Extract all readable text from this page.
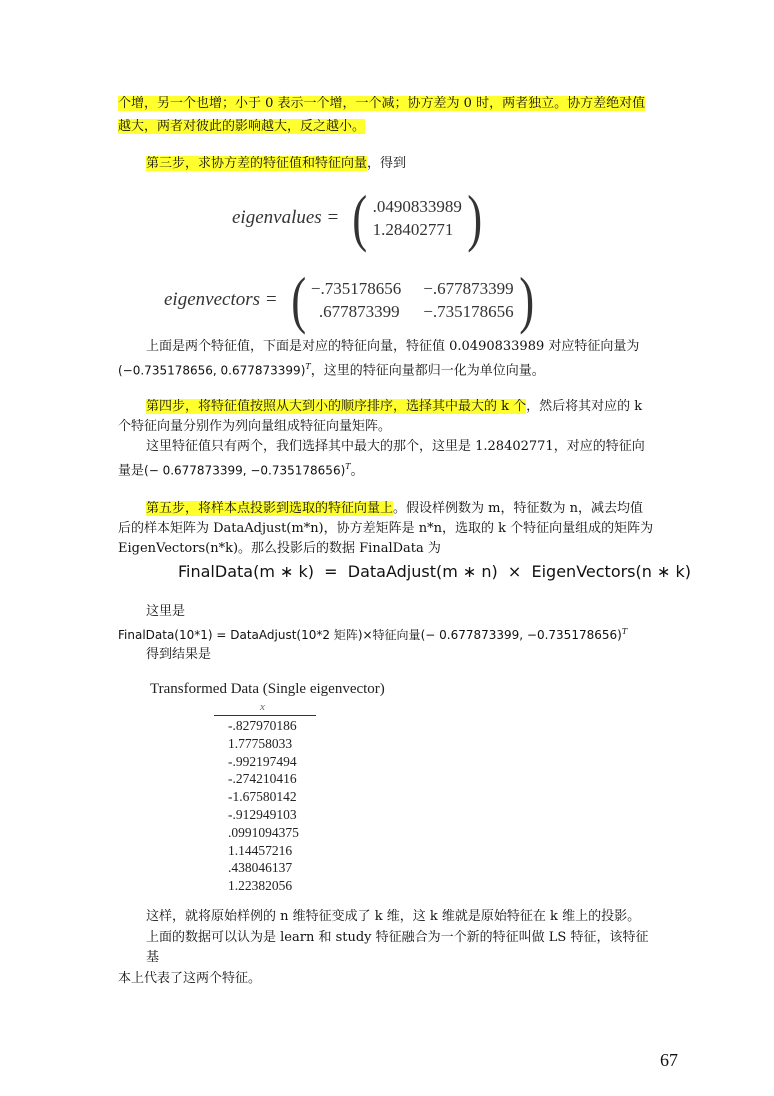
个增，另一个也增；小于 0 表示一个增，一个减；协方差为 0 时，两者独立。协方差绝对值
越大，两者对彼此的影响越大，反之越小。
第三步，求协方差的特征值和特征向量，得到
eigenvalues = ( .0490833989
1.28402771 )
eigenvectors = ( −.735178656 −.677873399
.677873399 −.735178656 )
上面是两个特征值，下面是对应的特征向量，特征值 0.0490833989 对应特征向量为
(−0.735178656, 0.677873399)$^T$，这里的特征向量都归一化为单位向量。
第四步，将特征值按照从大到小的顺序排序，选择其中最大的 k 个，然后将其对应的 k
个特征向量分别作为列向量组成特征向量矩阵。
这里特征值只有两个，我们选择其中最大的那个，这里是 1.28402771，对应的特征向
量是(− 0.677873399, −0.735178656)$^T$。
第五步，将样本点投影到选取的特征向量上。假设样例数为 m，特征数为 n，减去均值
后的样本矩阵为 DataAdjust(m*n)，协方差矩阵是 n*n，选取的 k 个特征向量组成的矩阵为
EigenVectors(n*k)。那么投影后的数据 FinalData 为
FinalData(m ∗ k)  =  DataAdjust(m ∗ n)  ×  EigenVectors(n ∗ k)
这里是
FinalData(10*1) = DataAdjust(10*2 矩阵)×特征向量(− 0.677873399, −0.735178656)$^T$
得到结果是
Transformed Data (Single eigenvector)
x
-.827970186
1.77758033
-.992197494
-.274210416
-1.67580142
-.912949103
.0991094375
1.14457216
.438046137
1.22382056
这样，就将原始样例的 n 维特征变成了 k 维，这 k 维就是原始特征在 k 维上的投影。
上面的数据可以认为是 learn 和 study 特征融合为一个新的特征叫做 LS 特征，该特征基
本上代表了这两个特征。
67
